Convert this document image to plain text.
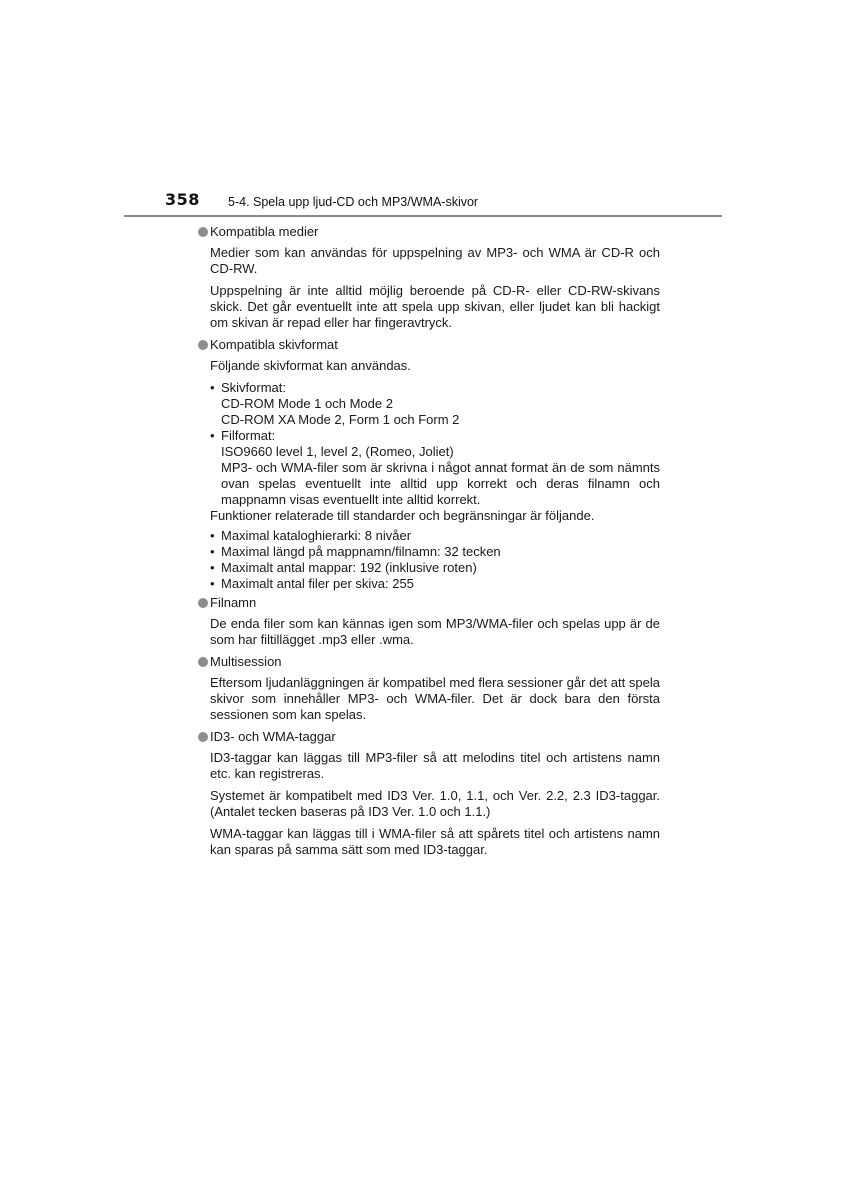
358 5-4. Spela upp ljud-CD och MP3/WMA-skivor
Kompatibla medier

Medier som kan användas för uppspelning av MP3- och WMA är CD-R och CD-RW.

Uppspelning är inte alltid möjlig beroende på CD-R- eller CD-RW-skivans skick. Det går eventuellt inte att spela upp skivan, eller ljudet kan bli hackigt om skivan är repad eller har fingeravtryck.

Kompatibla skivformat

Följande skivformat kan användas.

• Skivformat:
CD-ROM Mode 1 och Mode 2
CD-ROM XA Mode 2, Form 1 och Form 2
• Filformat:
ISO9660 level 1, level 2, (Romeo, Joliet)
MP3- och WMA-filer som är skrivna i något annat format än de som nämnts ovan spelas eventuellt inte alltid upp korrekt och deras filnamn och mappnamn visas eventuellt inte alltid korrekt.

Funktioner relaterade till standarder och begränsningar är följande.

• Maximal kataloghierarki: 8 nivåer
• Maximal längd på mappnamn/filnamn: 32 tecken
• Maximalt antal mappar: 192 (inklusive roten)
• Maximalt antal filer per skiva: 255
Filnamn

De enda filer som kan kännas igen som MP3/WMA-filer och spelas upp är de som har filtillägget .mp3 eller .wma.

Multisession

Eftersom ljudanläggningen är kompatibel med flera sessioner går det att spela skivor som innehåller MP3- och WMA-filer. Det är dock bara den första sessionen som kan spelas.

ID3- och WMA-taggar

ID3-taggar kan läggas till MP3-filer så att melodins titel och artistens namn etc. kan registreras.

Systemet är kompatibelt med ID3 Ver. 1.0, 1.1, och Ver. 2.2, 2.3 ID3-taggar. (Antalet tecken baseras på ID3 Ver. 1.0 och 1.1.)

WMA-taggar kan läggas till i WMA-filer så att spårets titel och artistens namn kan sparas på samma sätt som med ID3-taggar.
